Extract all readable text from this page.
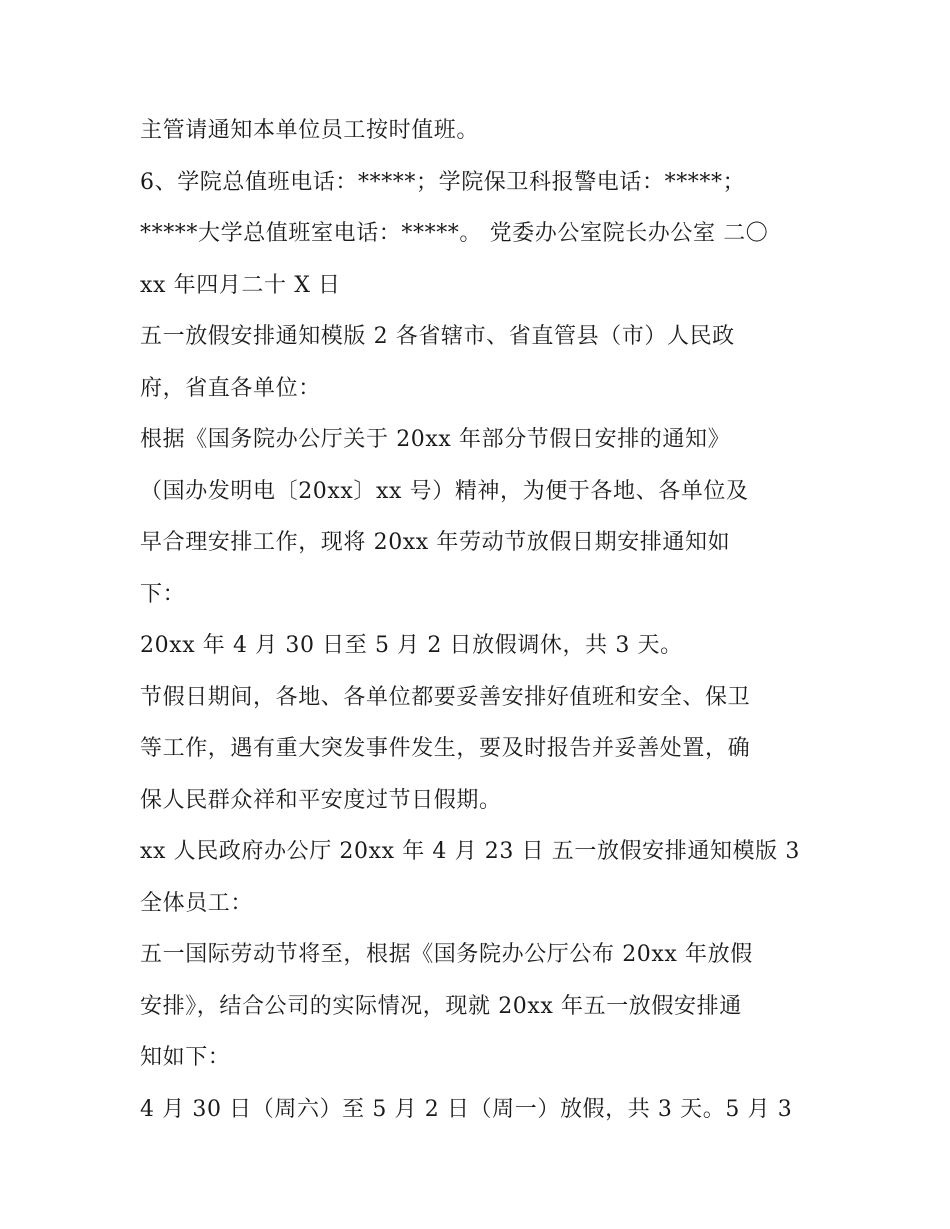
主管请通知本单位员工按时值班。
6、学院总值班电话：*****；学院保卫科报警电话：*****；
*****大学总值班室电话：*****。 党委办公室院长办公室 二〇
xx 年四月二十 X 日
五一放假安排通知模版 2 各省辖市、省直管县（市）人民政
府，省直各单位：
根据《国务院办公厅关于 20xx 年部分节假日安排的通知》
（国办发明电〔20xx〕xx 号）精神，为便于各地、各单位及
早合理安排工作，现将 20xx 年劳动节放假日期安排通知如
下：
20xx 年 4 月 30 日至 5 月 2 日放假调休，共 3 天。
节假日期间，各地、各单位都要妥善安排好值班和安全、保卫
等工作，遇有重大突发事件发生，要及时报告并妥善处置，确
保人民群众祥和平安度过节日假期。
xx 人民政府办公厅 20xx 年 4 月 23 日 五一放假安排通知模版 3
全体员工：
五一国际劳动节将至，根据《国务院办公厅公布 20xx 年放假
安排》，结合公司的实际情况，现就 20xx 年五一放假安排通
知如下：
4 月 30 日（周六）至 5 月 2 日（周一）放假，共 3 天。5 月 3
